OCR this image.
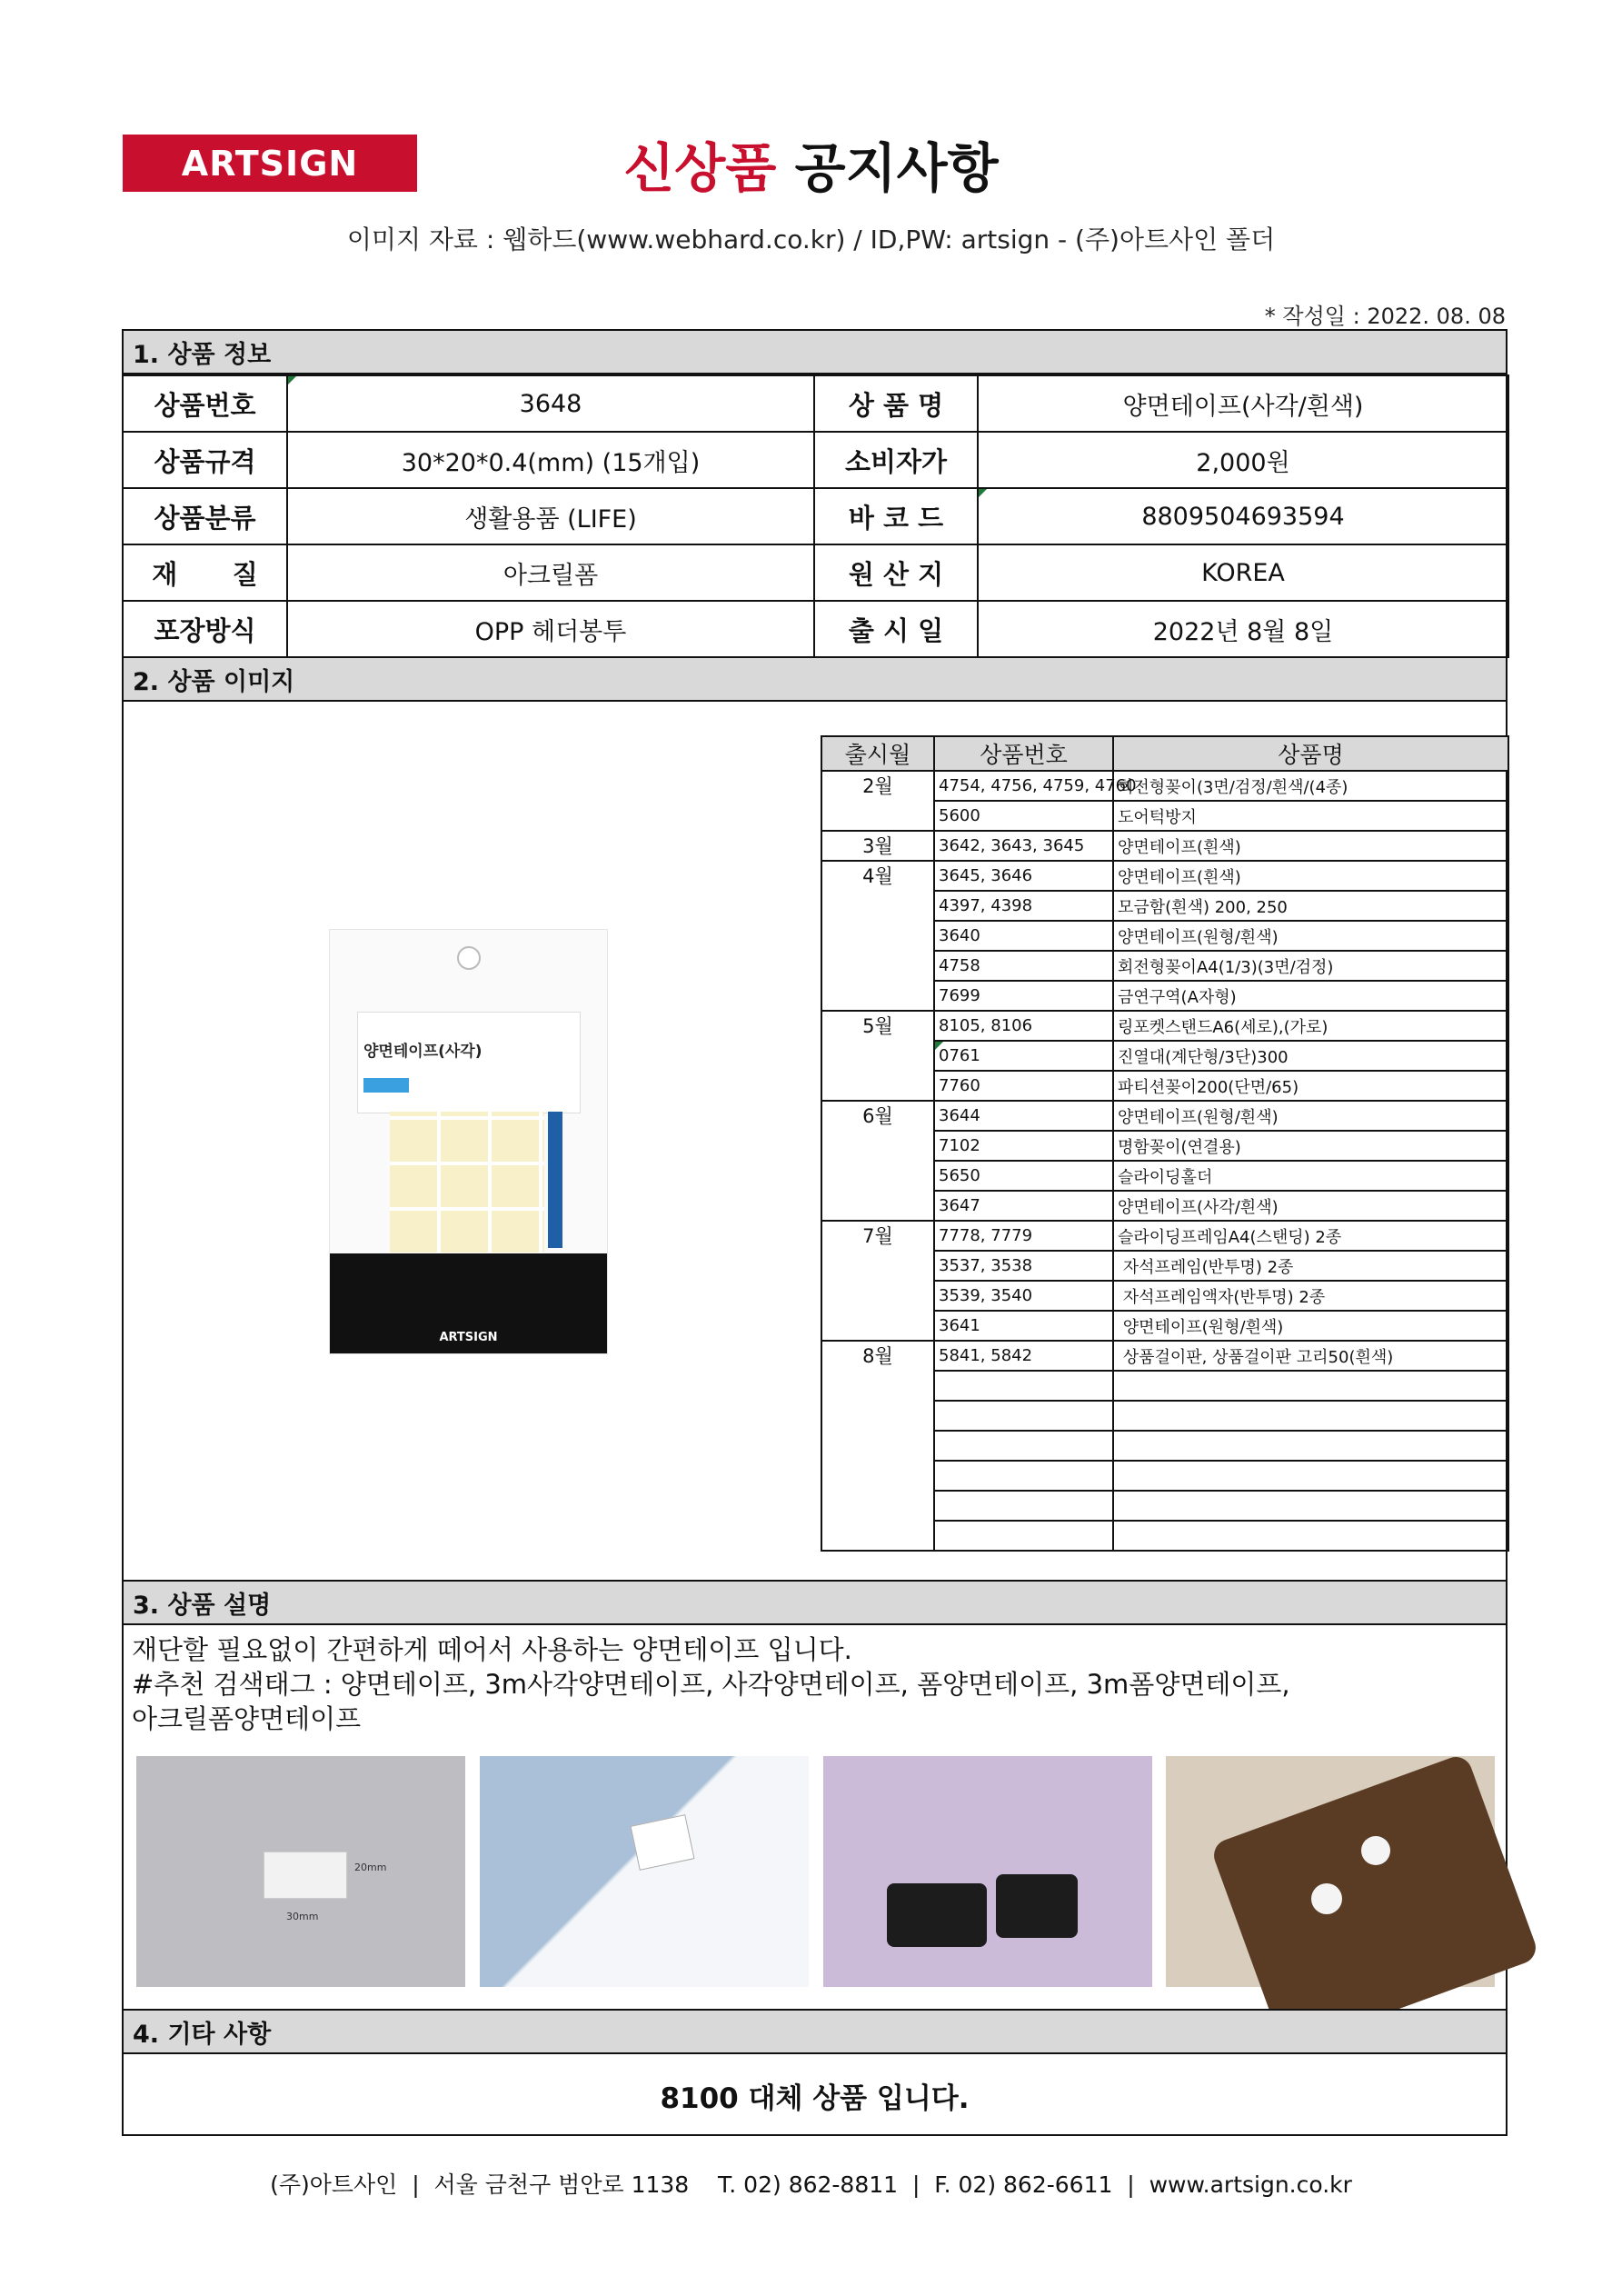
ARTSIGN	신상품 공지사항
이미지 자료 : 웹하드(www.webhard.co.kr) / ID,PW: artsign - (주)아트사인 폴더
* 작성일 : 2022. 08. 08
1. 상품 정보
상품번호	3648	상 품 명	양면테이프(사각/흰색)
상품규격	30*20*0.4(mm) (15개입)	소비자가	2,000원
상품분류	생활용품 (LIFE)	바 코 드	8809504693594
재      질	아크릴폼	원 산 지	KOREA
포장방식	OPP 헤더봉투	출 시 일	2022년 8월 8일
2. 상품 이미지
양면테이프(사각)
ARTSIGN
출시월	상품번호	상품명
2월	4754, 4756, 4759, 4760	회전형꽂이(3면/검정/흰색/(4종)
	5600	도어턱방지
3월	3642, 3643, 3645	양면테이프(흰색)
4월	3645, 3646	양면테이프(흰색)
	4397, 4398	모금함(흰색) 200, 250
	3640	양면테이프(원형/흰색)
	4758	회전형꽂이A4(1/3)(3면/검정)
	7699	금연구역(A자형)
5월	8105, 8106	링포켓스탠드A6(세로),(가로)
	0761	진열대(계단형/3단)300
	7760	파티션꽂이200(단면/65)
6월	3644	양면테이프(원형/흰색)
	7102	명함꽂이(연결용)
	5650	슬라이딩홀더
	3647	양면테이프(사각/흰색)
7월	7778, 7779	슬라이딩프레임A4(스탠딩) 2종
	3537, 3538	자석프레임(반투명) 2종
	3539, 3540	자석프레임액자(반투명) 2종
	3641	양면테이프(원형/흰색)
8월	5841, 5842	상품걸이판, 상품걸이판 고리50(흰색)

3. 상품 설명
재단할 필요없이 간편하게 떼어서 사용하는 양면테이프 입니다.
#추천 검색태그 : 양면테이프, 3m사각양면테이프, 사각양면테이프, 폼양면테이프, 3m폼양면테이프,
아크릴폼양면테이프
20mm
30mm
4. 기타 사항
8100 대체 상품 입니다.
(주)아트사인  |  서울 금천구 범안로 1138    T. 02) 862-8811  |  F. 02) 862-6611  |  www.artsign.co.kr
